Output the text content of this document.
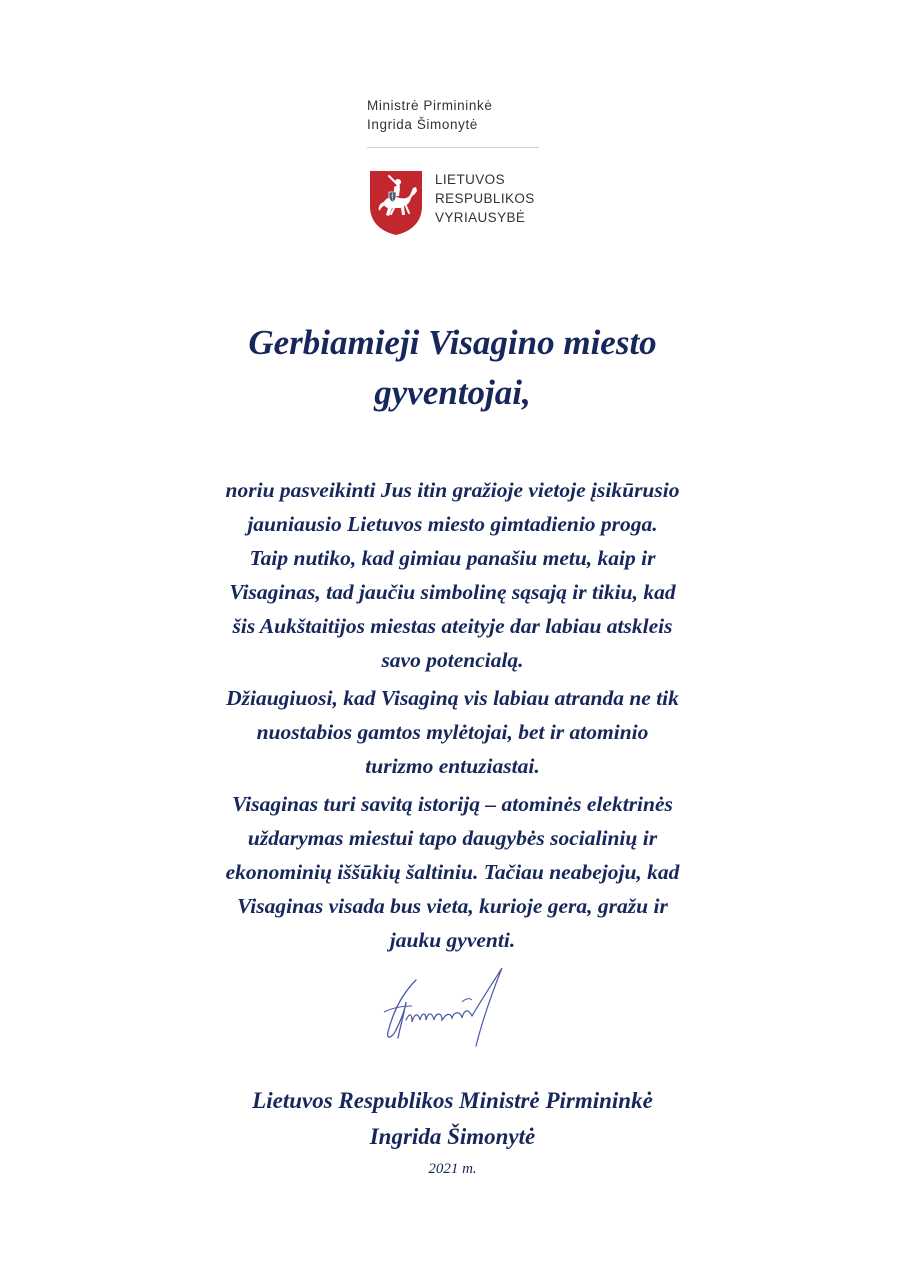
Ministrė Pirmininkė
Ingrida Šimonytė
LIETUVOS
RESPUBLIKOS
VYRIAUSYBĖ
Gerbiamieji Visagino miesto
gyventojai,

noriu pasveikinti Jus itin gražioje vietoje įsikūrusio
jauniausio Lietuvos miesto gimtadienio proga.
Taip nutiko, kad gimiau panašiu metu, kaip ir
Visaginas, tad jaučiu simbolinę sąsają ir tikiu, kad
šis Aukštaitijos miestas ateityje dar labiau atskleis
savo potencialą.

Džiaugiuosi, kad Visaginą vis labiau atranda ne tik
nuostabios gamtos mylėtojai, bet ir atominio
turizmo entuziastai.

Visaginas turi savitą istoriją – atominės elektrinės
uždarymas miestui tapo daugybės socialinių ir
ekonominių iššūkių šaltiniu. Tačiau neabejoju, kad
Visaginas visada bus vieta, kurioje gera, gražu ir
jauku gyventi.

Lietuvos Respublikos Ministrė Pirmininkė
Ingrida Šimonytė
2021 m.
